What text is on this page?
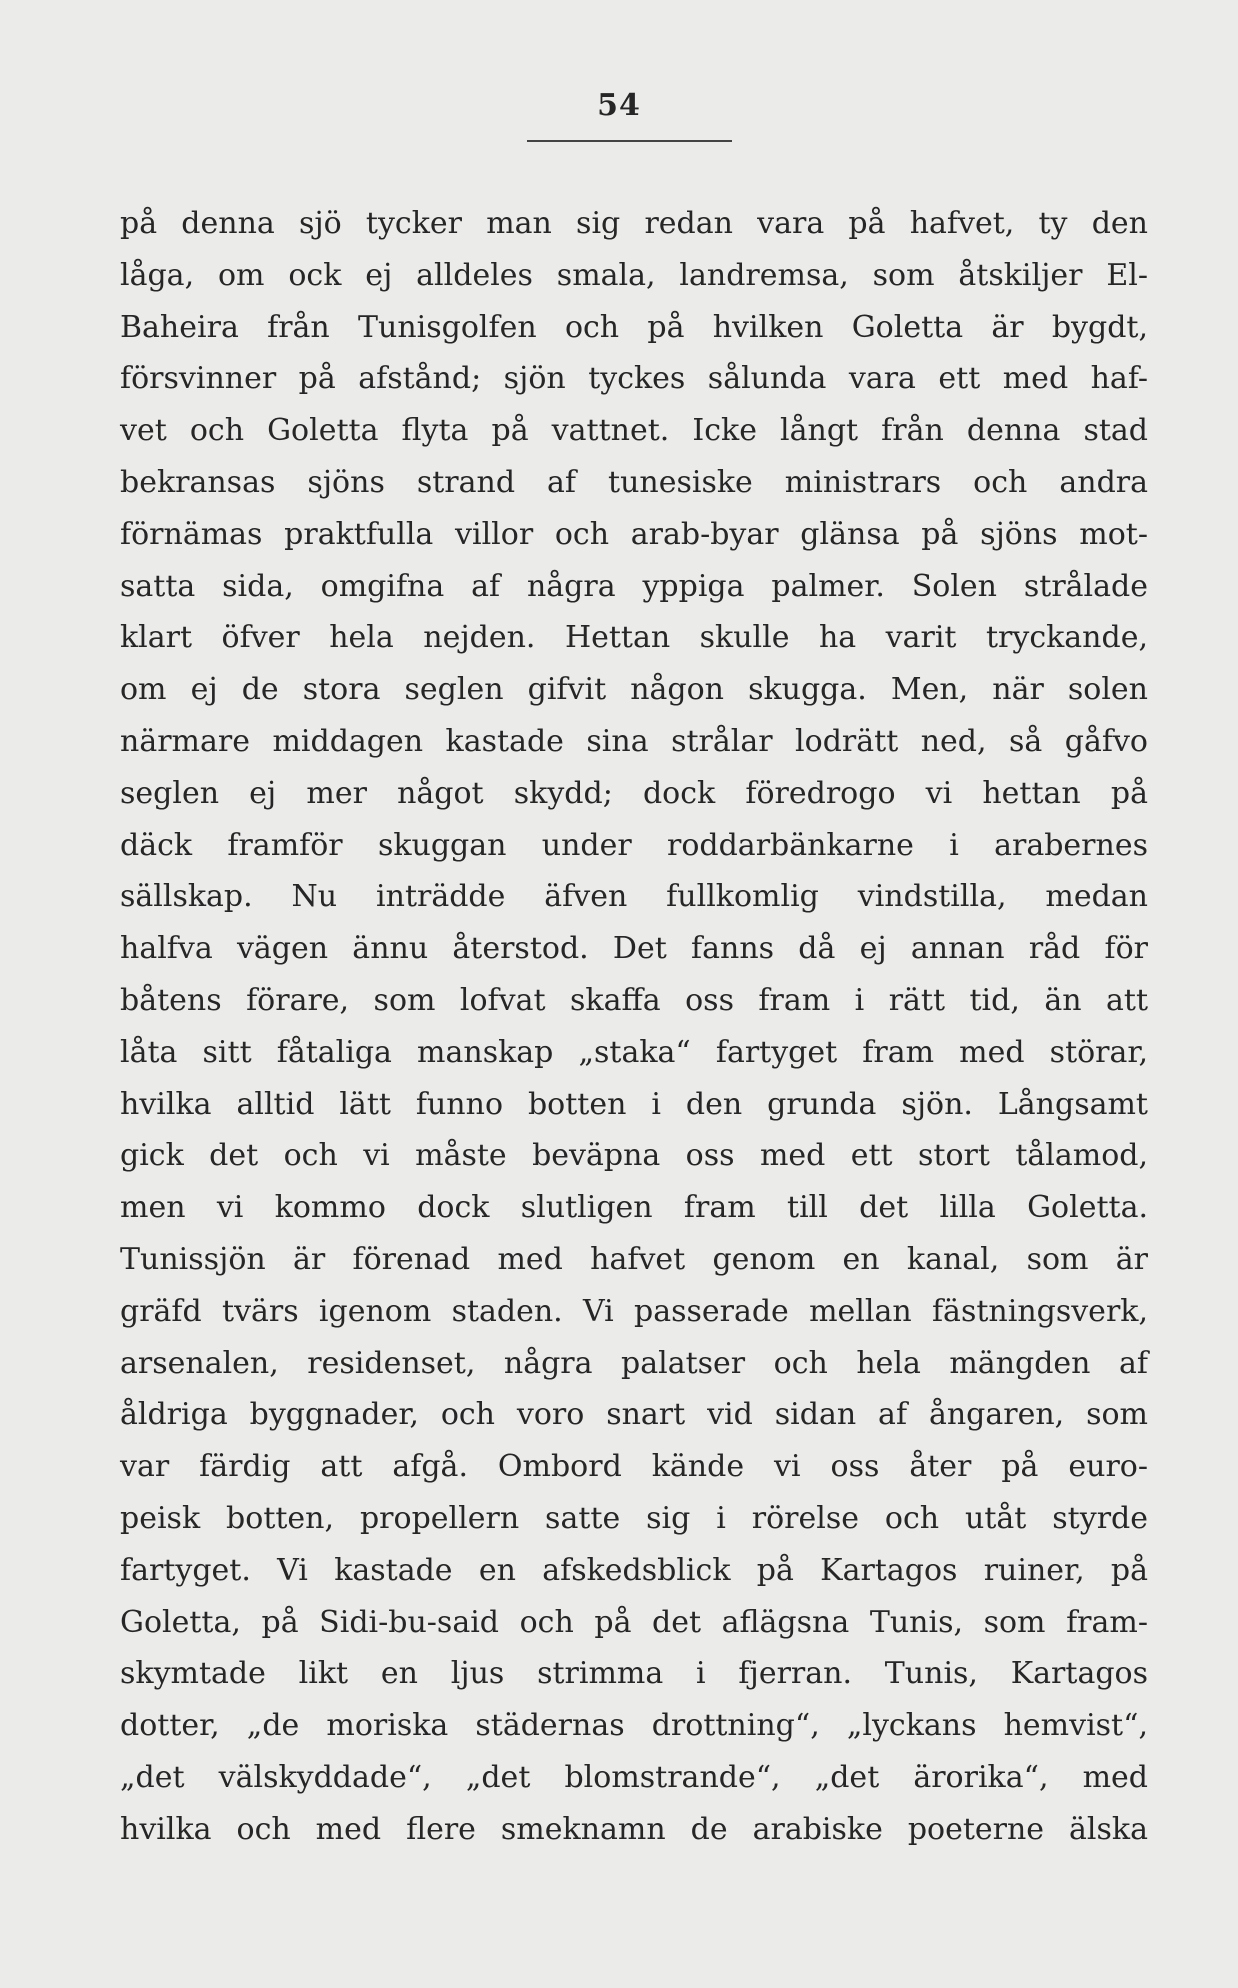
54
på denna sjö tycker man sig redan vara på hafvet, ty den
låga, om ock ej alldeles smala, landremsa, som åtskiljer El-
Baheira från Tunisgolfen och på hvilken Goletta är bygdt,
försvinner på afstånd; sjön tyckes sålunda vara ett med haf-
vet och Goletta flyta på vattnet. Icke långt från denna stad
bekransas sjöns strand af tunesiske ministrars och andra
förnämas praktfulla villor och arab-byar glänsa på sjöns mot-
satta sida, omgifna af några yppiga palmer. Solen strålade
klart öfver hela nejden. Hettan skulle ha varit tryckande,
om ej de stora seglen gifvit någon skugga. Men, när solen
närmare middagen kastade sina strålar lodrätt ned, så gåfvo
seglen ej mer något skydd; dock föredrogo vi hettan på
däck framför skuggan under roddarbänkarne i arabernes
sällskap. Nu inträdde äfven fullkomlig vindstilla, medan
halfva vägen ännu återstod. Det fanns då ej annan råd för
båtens förare, som lofvat skaffa oss fram i rätt tid, än att
låta sitt fåtaliga manskap „staka“ fartyget fram med störar,
hvilka alltid lätt funno botten i den grunda sjön. Långsamt
gick det och vi måste beväpna oss med ett stort tålamod,
men vi kommo dock slutligen fram till det lilla Goletta.
Tunissjön är förenad med hafvet genom en kanal, som är
gräfd tvärs igenom staden. Vi passerade mellan fästningsverk,
arsenalen, residenset, några palatser och hela mängden af
åldriga byggnader, och voro snart vid sidan af ångaren, som
var färdig att afgå. Ombord kände vi oss åter på euro-
peisk botten, propellern satte sig i rörelse och utåt styrde
fartyget. Vi kastade en afskedsblick på Kartagos ruiner, på
Goletta, på Sidi-bu-said och på det aflägsna Tunis, som fram-
skymtade likt en ljus strimma i fjerran. Tunis, Kartagos
dotter, „de moriska städernas drottning“, „lyckans hemvist“,
„det välskyddade“, „det blomstrande“, „det ärorika“, med
hvilka och med flere smeknamn de arabiske poeterne älska
